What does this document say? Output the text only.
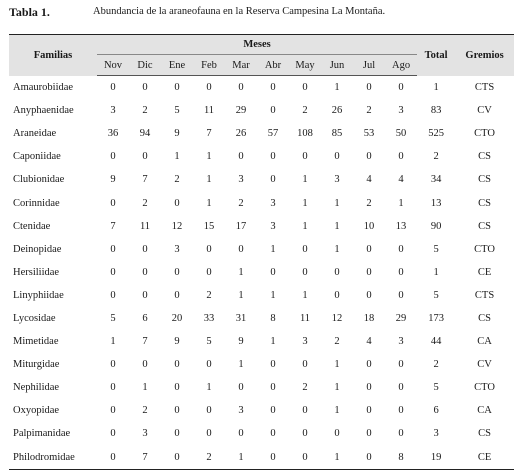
Tabla 1.	Abundancia de la araneofauna en la Reserva Campesina La Montaña.
Familias	Meses										Total	Gremios
	Nov	Dic	Ene	Feb	Mar	Abr	May	Jun	Jul	Ago		
Amaurobiidae	0	0	0	0	0	0	0	1	0	0	1	CTS
Anyphaenidae	3	2	5	11	29	0	2	26	2	3	83	CV
Araneidae	36	94	9	7	26	57	108	85	53	50	525	CTO
Caponiidae	0	0	1	1	0	0	0	0	0	0	2	CS
Clubionidae	9	7	2	1	3	0	1	3	4	4	34	CS
Corinnidae	0	2	0	1	2	3	1	1	2	1	13	CS
Ctenidae	7	11	12	15	17	3	1	1	10	13	90	CS
Deinopidae	0	0	3	0	0	1	0	1	0	0	5	CTO
Hersiliidae	0	0	0	0	1	0	0	0	0	0	1	CE
Linyphiidae	0	0	0	2	1	1	1	0	0	0	5	CTS
Lycosidae	5	6	20	33	31	8	11	12	18	29	173	CS
Mimetidae	1	7	9	5	9	1	3	2	4	3	44	CA
Miturgidae	0	0	0	0	1	0	0	1	0	0	2	CV
Nephilidae	0	1	0	1	0	0	2	1	0	0	5	CTO
Oxyopidae	0	2	0	0	3	0	0	1	0	0	6	CA
Palpimanidae	0	3	0	0	0	0	0	0	0	0	3	CS
Philodromidae	0	7	0	2	1	0	0	1	0	8	19	CE
